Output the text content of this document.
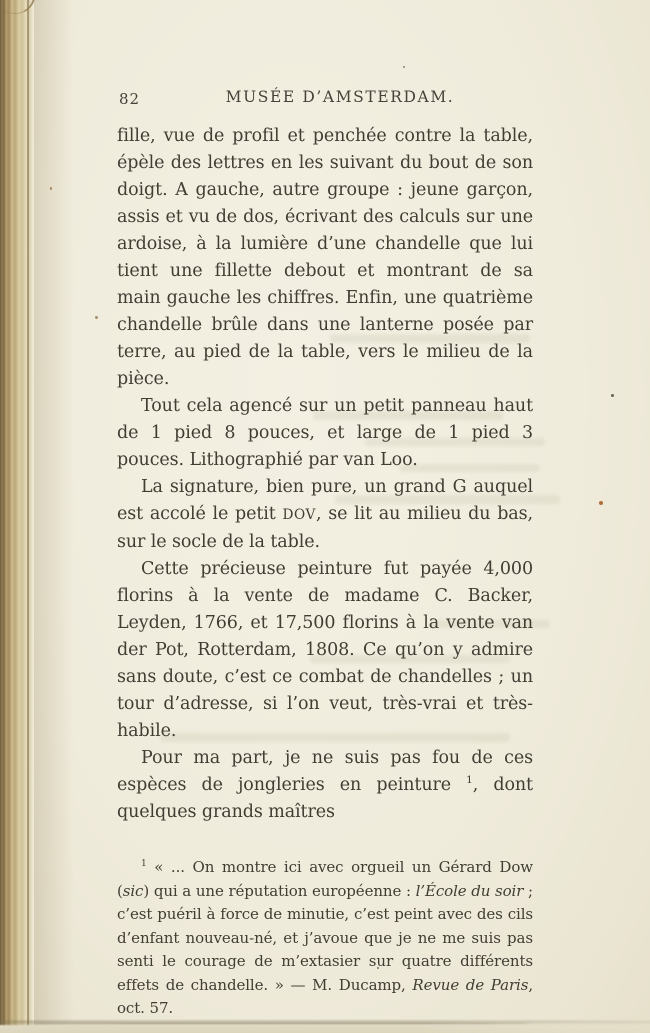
82	MUSÉE D’AMSTERDAM.

fille, vue de profil et penchée contre la table, épèle des lettres en les suivant du bout de son doigt. A gauche, autre groupe : jeune garçon, assis et vu de dos, écrivant des calculs sur une ardoise, à la lumière d’une chandelle que lui tient une fillette debout et montrant de sa main gauche les chiffres. Enfin, une quatrième chandelle brûle dans une lanterne posée par terre, au pied de la table, vers le milieu de la pièce.

Tout cela agencé sur un petit panneau haut de 1 pied 8 pouces, et large de 1 pied 3 pouces. Lithographié par van Loo.

La signature, bien pure, un grand G auquel est accolé le petit DOV, se lit au milieu du bas, sur le socle de la table.

Cette précieuse peinture fut payée 4,000 florins à la vente de madame C. Backer, Leyden, 1766, et 17,500 florins à la vente van der Pot, Rotterdam, 1808. Ce qu’on y admire sans doute, c’est ce combat de chandelles ; un tour d’adresse, si l’on veut, très-vrai et très-habile.

Pour ma part, je ne suis pas fou de ces espèces de jongleries en peinture $^1$, dont quelques grands maîtres

$^1$ « ... On montre ici avec orgueil un Gérard Dow (sic) qui a une réputation européenne : l’École du soir ; c’est puéril à force de minutie, c’est peint avec des cils d’enfant nouveau-né, et j’avoue que je ne me suis pas senti le courage de m’extasier sur quatre différents effets de chandelle. » — M. Ducamp, Revue de Paris, oct. 57.
